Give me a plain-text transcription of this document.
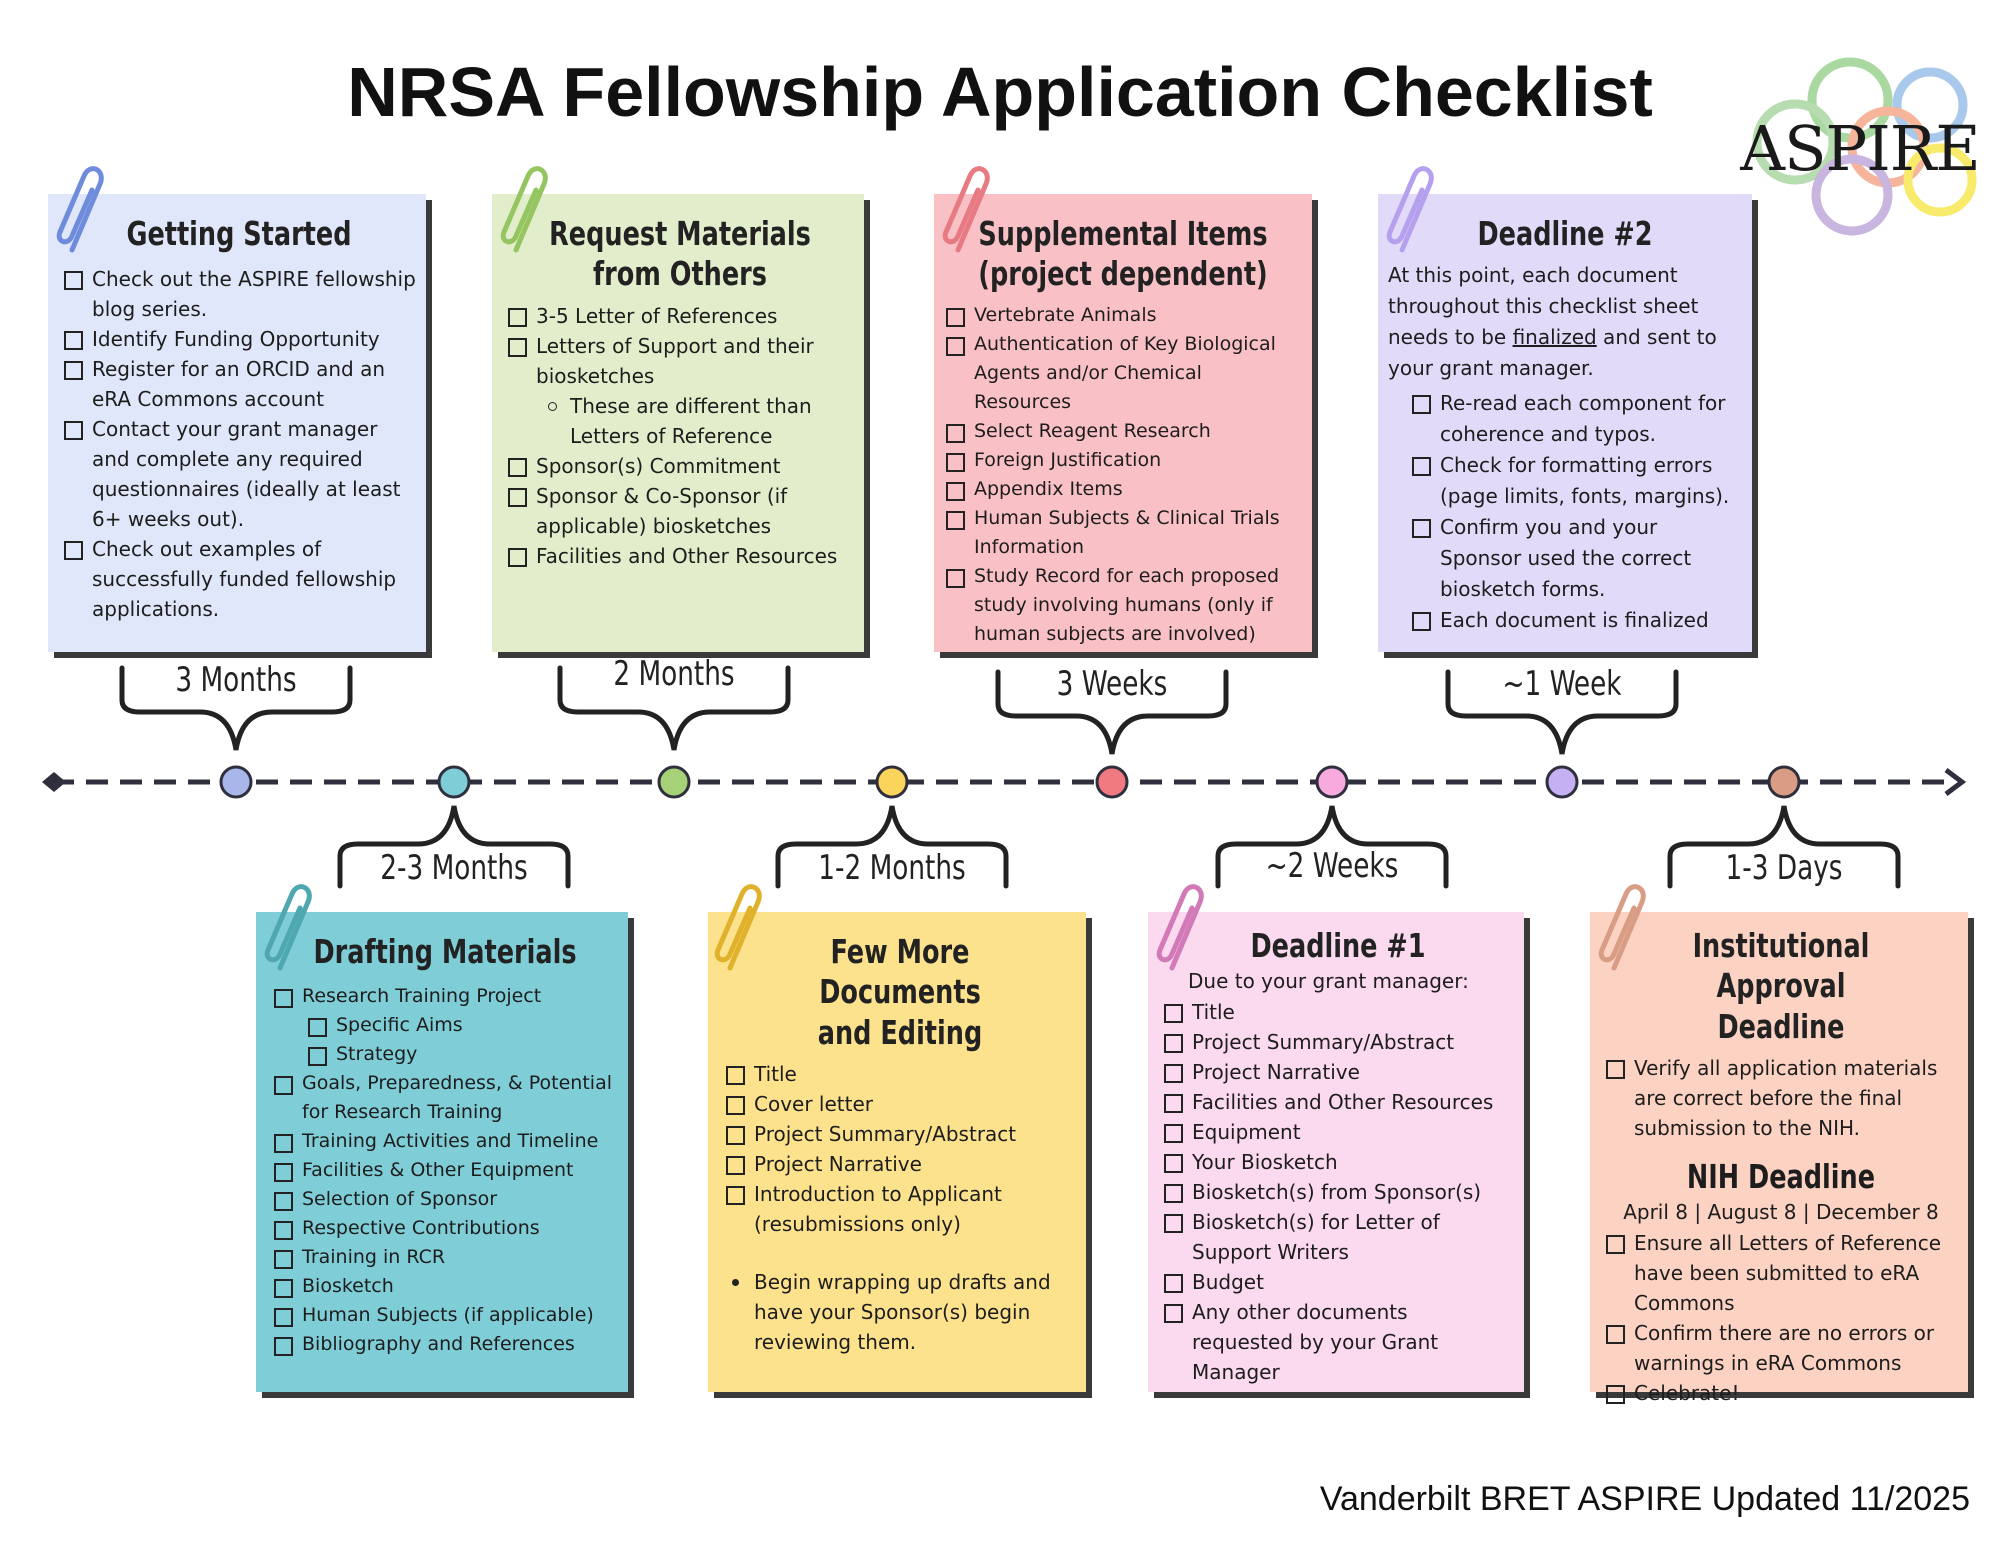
NRSA Fellowship Application Checklist
ASPIRE
Getting Started
Check out the ASPIRE fellowship blog series.
Identify Funding Opportunity
Register for an ORCID and an eRA Commons account
Contact your grant manager and complete any required questionnaires (ideally at least 6+ weeks out).
Check out examples of successfully funded fellowship applications.
Request Materials
from Others
3-5 Letter of References
Letters of Support and their biosketches
These are different than Letters of Reference
Sponsor(s) Commitment
Sponsor & Co-Sponsor (if applicable) biosketches
Facilities and Other Resources
Supplemental Items
(project dependent)
Vertebrate Animals
Authentication of Key Biological Agents and/or Chemical Resources
Select Reagent Research
Foreign Justification
Appendix Items
Human Subjects & Clinical Trials Information
Study Record for each proposed study involving humans (only if human subjects are involved)
Deadline #2
At this point, each document throughout this checklist sheet needs to be finalized and sent to your grant manager.
Re-read each component for coherence and typos.
Check for formatting errors (page limits, fonts, margins).
Confirm you and your Sponsor used the correct biosketch forms.
Each document is finalized
Drafting Materials
Research Training Project
Specific Aims
Strategy
Goals, Preparedness, & Potential for Research Training
Training Activities and Timeline
Facilities & Other Equipment
Selection of Sponsor
Respective Contributions
Training in RCR
Biosketch
Human Subjects (if applicable)
Bibliography and References
Few More Documents
and Editing
Title
Cover letter
Project Summary/Abstract
Project Narrative
Introduction to Applicant (resubmissions only)
Begin wrapping up drafts and have your Sponsor(s) begin reviewing them.
Deadline #1
Due to your grant manager:
Title
Project Summary/Abstract
Project Narrative
Facilities and Other Resources
Equipment
Your Biosketch
Biosketch(s) from Sponsor(s)
Biosketch(s) for Letter of Support Writers
Budget
Any other documents requested by your Grant Manager
Institutional Approval
Deadline
Verify all application materials are correct before the final submission to the NIH.
NIH Deadline
April 8 | August 8 | December 8
Ensure all Letters of Reference have been submitted to eRA Commons
Confirm there are no errors or warnings in eRA Commons
Celebrate!
3 Months	2 Months	3 Weeks	~1 Week
2-3 Months	1-2 Months	~2 Weeks	1-3 Days
Vanderbilt BRET ASPIRE Updated 11/2025
